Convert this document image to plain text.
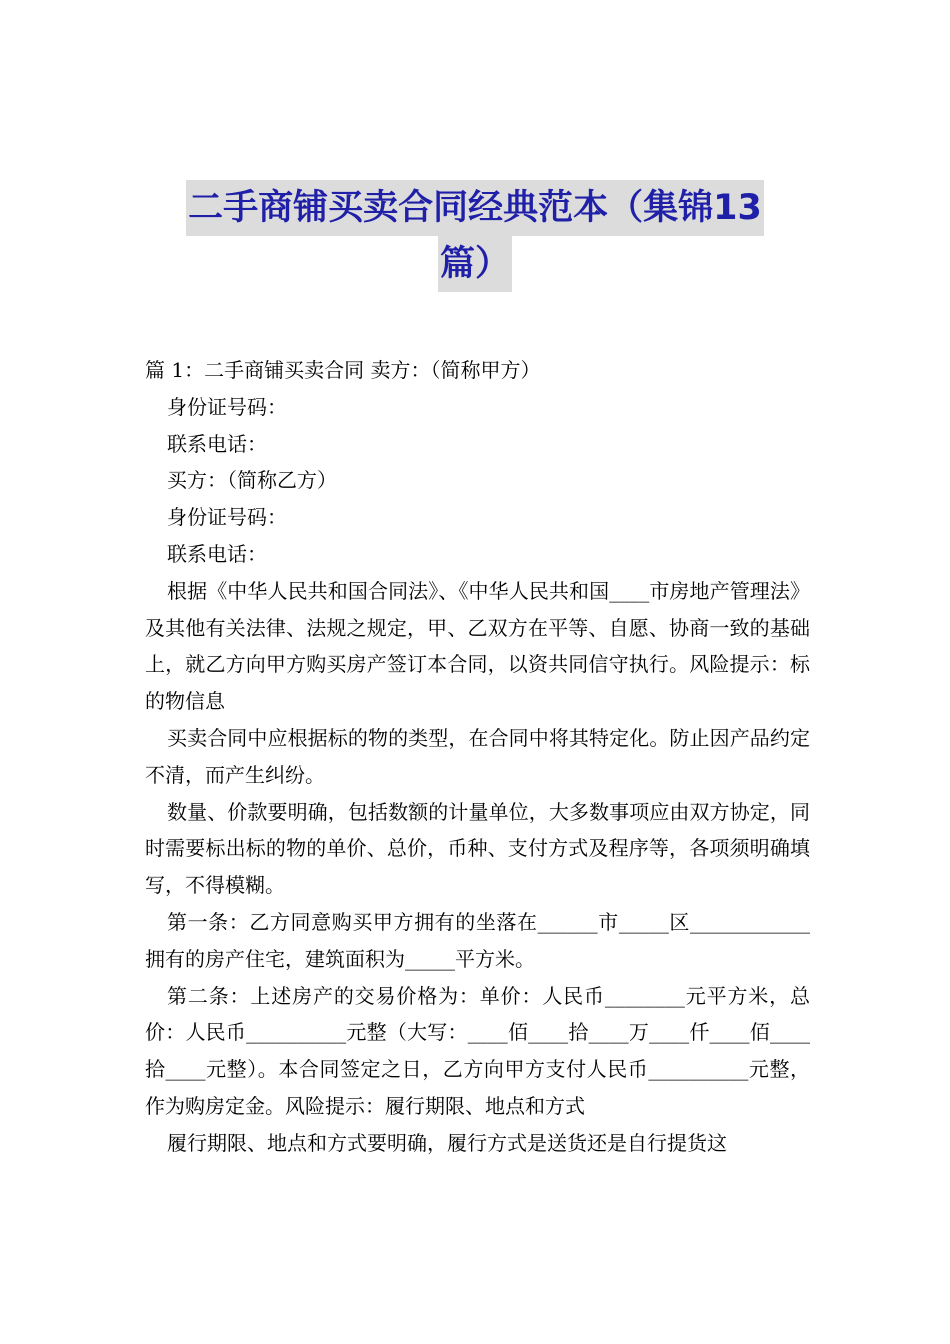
二手商铺买卖合同经典范本（集锦13
篇）

篇 1：二手商铺买卖合同 卖方：（简称甲方）

身份证号码：

联系电话：

买方：（简称乙方）

身份证号码：

联系电话：

根据《中华人民共和国合同法》、《中华人民共和国____市房地产管理法》及其他有关法律、法规之规定，甲、乙双方在平等、自愿、协商一致的基础上，就乙方向甲方购买房产签订本合同，以资共同信守执行。风险提示：标的物信息

买卖合同中应根据标的物的类型，在合同中将其特定化。防止因产品约定不清，而产生纠纷。

数量、价款要明确，包括数额的计量单位，大多数事项应由双方协定，同时需要标出标的物的单价、总价，币种、支付方式及程序等，各项须明确填写，不得模糊。

第一条：乙方同意购买甲方拥有的坐落在______市_____区____________拥有的房产住宅，建筑面积为_____平方米。

第二条：上述房产的交易价格为：单价：人民币________元平方米，总价：人民币__________元整（大写：____佰____拾____万____仟____佰____拾____元整）。本合同签定之日，乙方向甲方支付人民币__________元整，作为购房定金。风险提示：履行期限、地点和方式

履行期限、地点和方式要明确，履行方式是送货还是自行提货这
